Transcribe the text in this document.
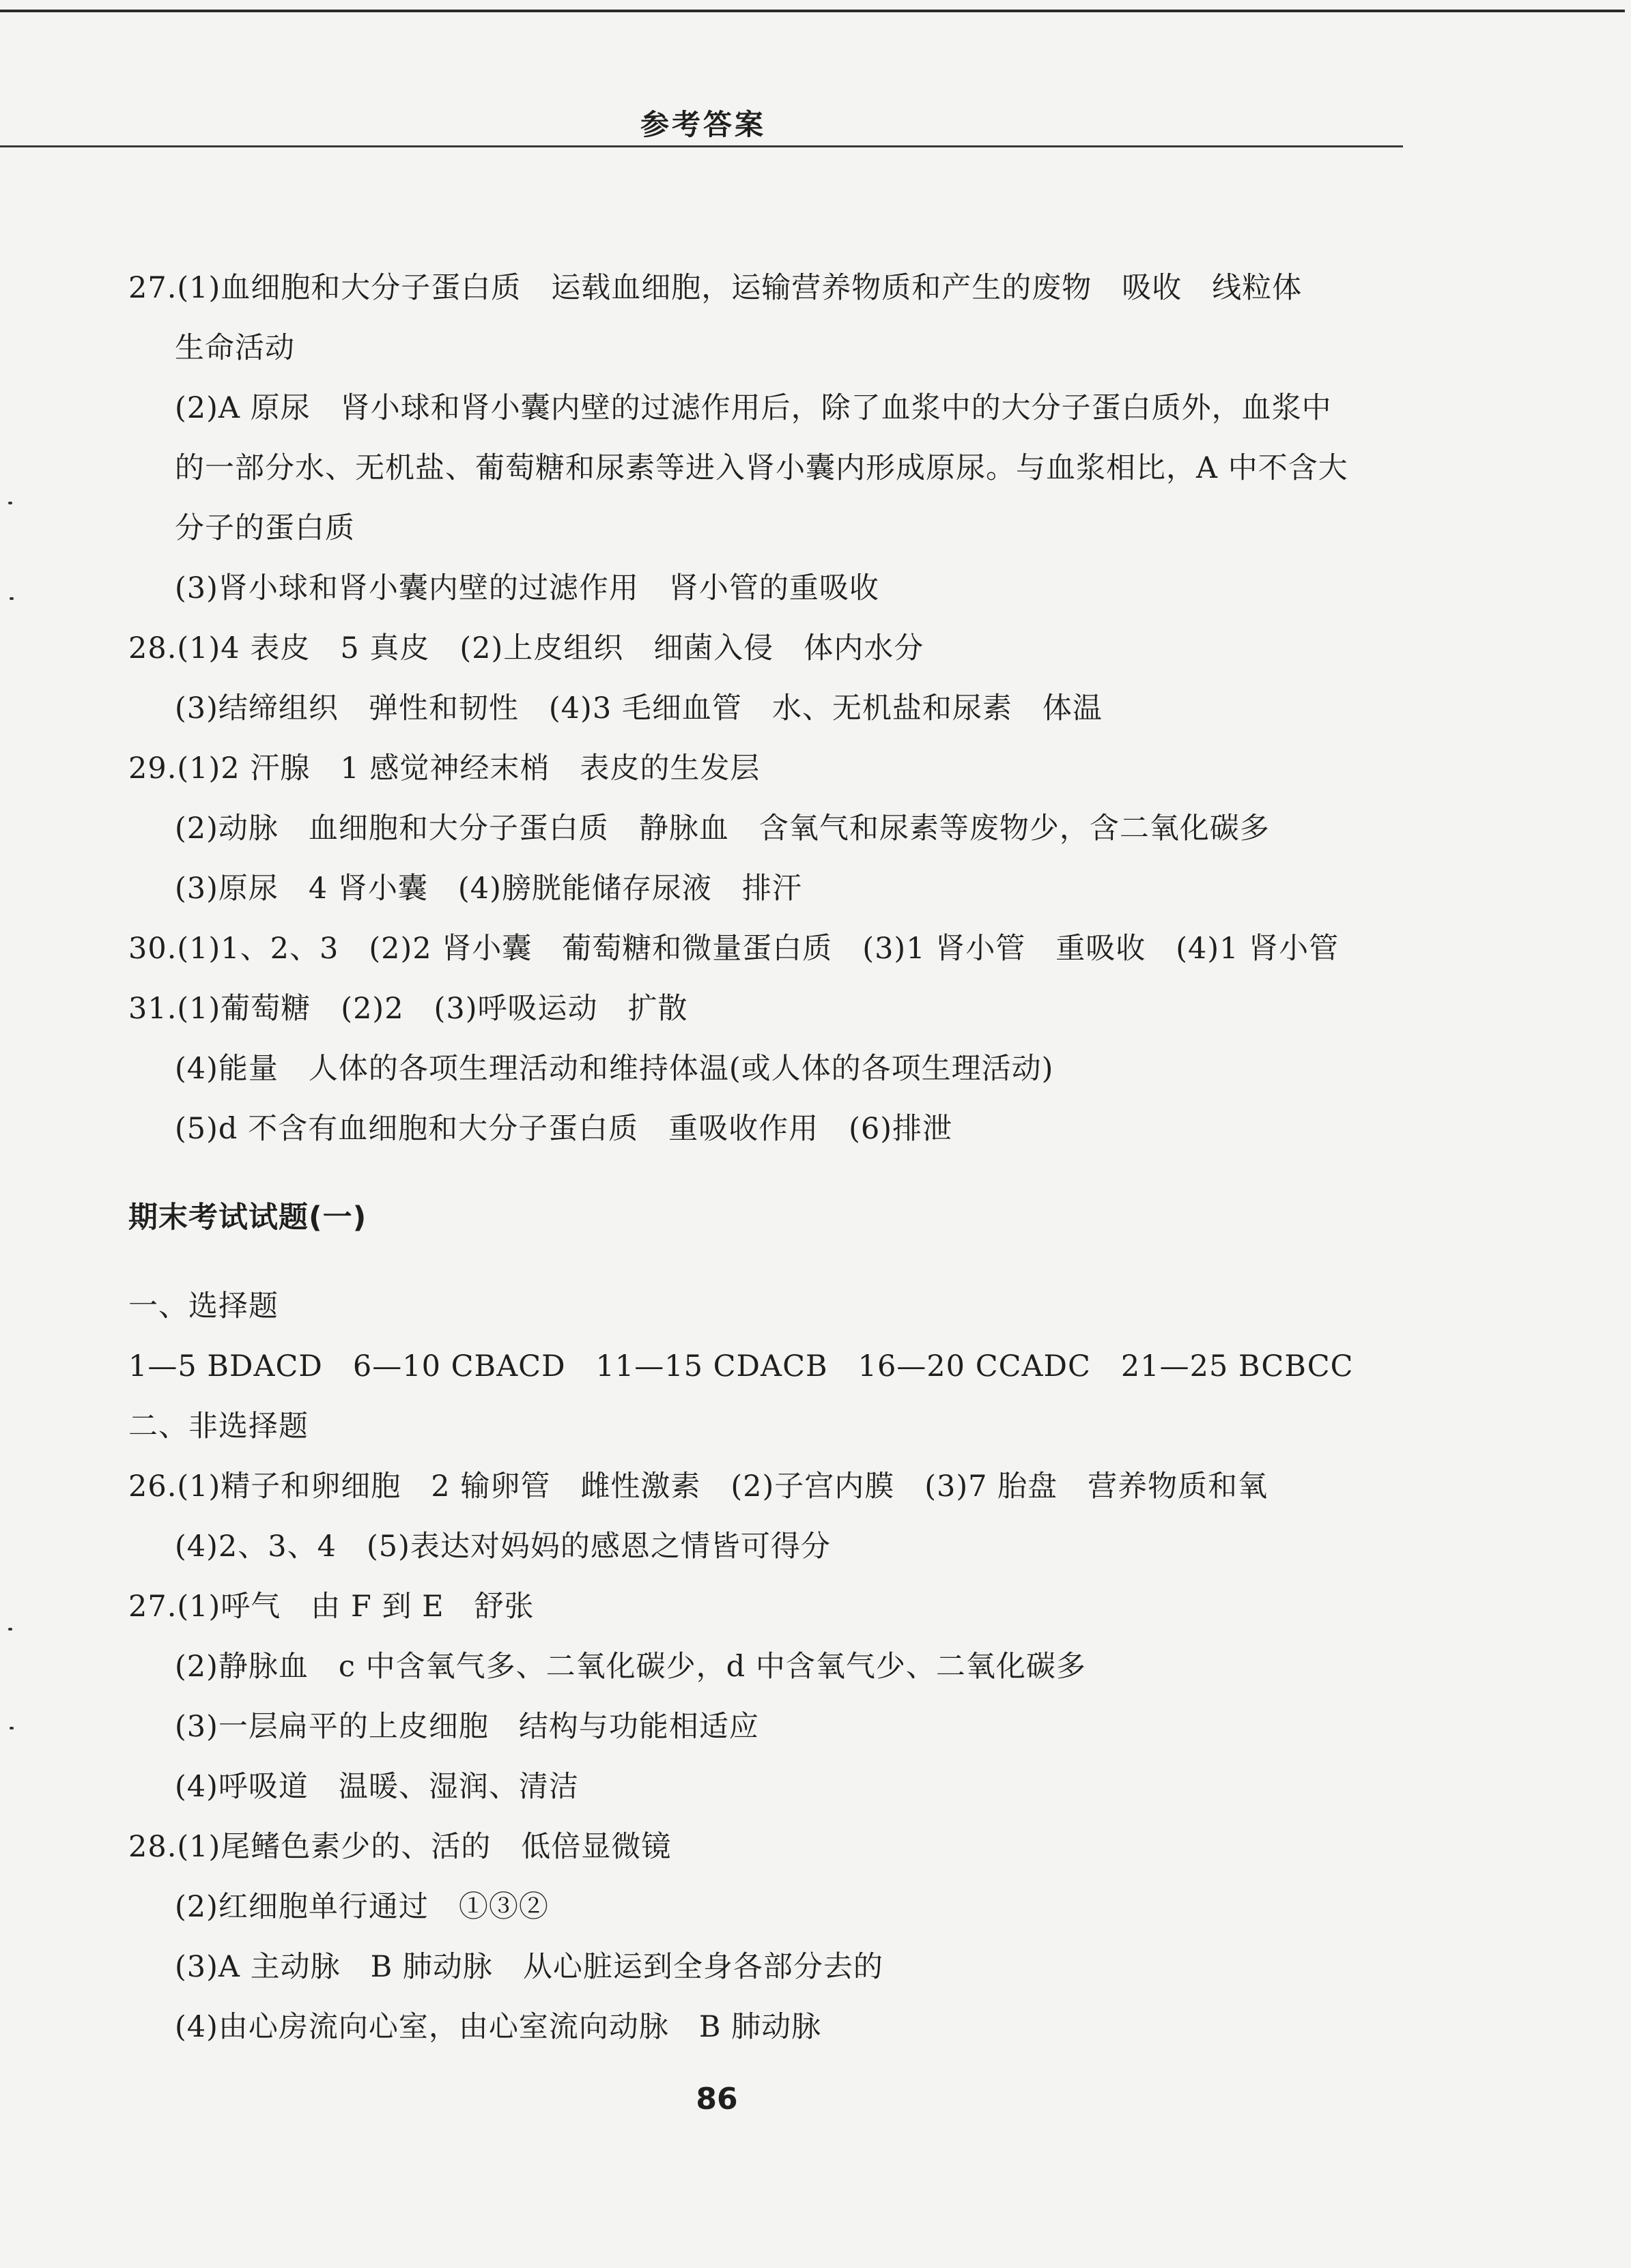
参考答案
27.(1)血细胞和大分子蛋白质　运载血细胞，运输营养物质和产生的废物　吸收　线粒体
生命活动
(2)A 原尿　肾小球和肾小囊内壁的过滤作用后，除了血浆中的大分子蛋白质外，血浆中
的一部分水、无机盐、葡萄糖和尿素等进入肾小囊内形成原尿。与血浆相比，A 中不含大
分子的蛋白质
(3)肾小球和肾小囊内壁的过滤作用　肾小管的重吸收
28.(1)4 表皮　5 真皮　(2)上皮组织　细菌入侵　体内水分
(3)结缔组织　弹性和韧性　(4)3 毛细血管　水、无机盐和尿素　体温
29.(1)2 汗腺　1 感觉神经末梢　表皮的生发层
(2)动脉　血细胞和大分子蛋白质　静脉血　含氧气和尿素等废物少，含二氧化碳多
(3)原尿　4 肾小囊　(4)膀胱能储存尿液　排汗
30.(1)1、2、3　(2)2 肾小囊　葡萄糖和微量蛋白质　(3)1 肾小管　重吸收　(4)1 肾小管
31.(1)葡萄糖　(2)2　(3)呼吸运动　扩散
(4)能量　人体的各项生理活动和维持体温(或人体的各项生理活动)
(5)d 不含有血细胞和大分子蛋白质　重吸收作用　(6)排泄
期末考试试题(一)
一、选择题
1—5 BDACD　6—10 CBACD　11—15 CDACB　16—20 CCADC　21—25 BCBCC
二、非选择题
26.(1)精子和卵细胞　2 输卵管　雌性激素　(2)子宫内膜　(3)7 胎盘　营养物质和氧
(4)2、3、4　(5)表达对妈妈的感恩之情皆可得分
27.(1)呼气　由 F 到 E　舒张
(2)静脉血　c 中含氧气多、二氧化碳少，d 中含氧气少、二氧化碳多
(3)一层扁平的上皮细胞　结构与功能相适应
(4)呼吸道　温暖、湿润、清洁
28.(1)尾鳍色素少的、活的　低倍显微镜
(2)红细胞单行通过　①③②
(3)A 主动脉　B 肺动脉　从心脏运到全身各部分去的
(4)由心房流向心室，由心室流向动脉　B 肺动脉
86
